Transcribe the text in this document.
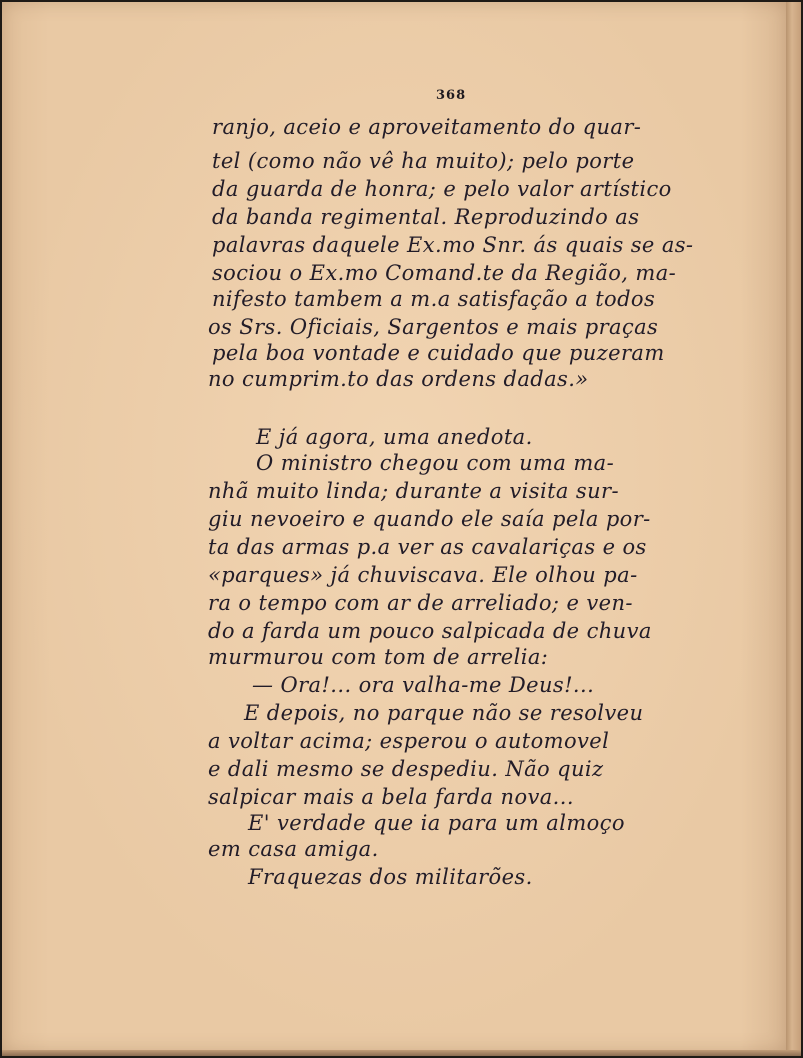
368
ranjo, aceio e aproveitamento do quar-
tel (como não vê ha muito); pelo porte
da guarda de honra; e pelo valor artístico
da banda regimental. Reproduzindo as
palavras daquele Ex.mo Snr. ás quais se as-
sociou o Ex.mo Comand.te da Região, ma-
nifesto tambem a m.a satisfação a todos
os Srs. Oficiais, Sargentos e mais praças
pela boa vontade e cuidado que puzeram
no cumprim.to das ordens dadas.»
E já agora, uma anedota.
O ministro chegou com uma ma-
nhã muito linda; durante a visita sur-
giu nevoeiro e quando ele saía pela por-
ta das armas p.a ver as cavalariças e os
«parques» já chuviscava. Ele olhou pa-
ra o tempo com ar de arreliado; e ven-
do a farda um pouco salpicada de chuva
murmurou com tom de arrelia:
— Ora!... ora valha-me Deus!...
E depois, no parque não se resolveu
a voltar acima; esperou o automovel
e dali mesmo se despediu. Não quiz
salpicar mais a bela farda nova...
E' verdade que ia para um almoço
em casa amiga.
Fraquezas dos militarões.
